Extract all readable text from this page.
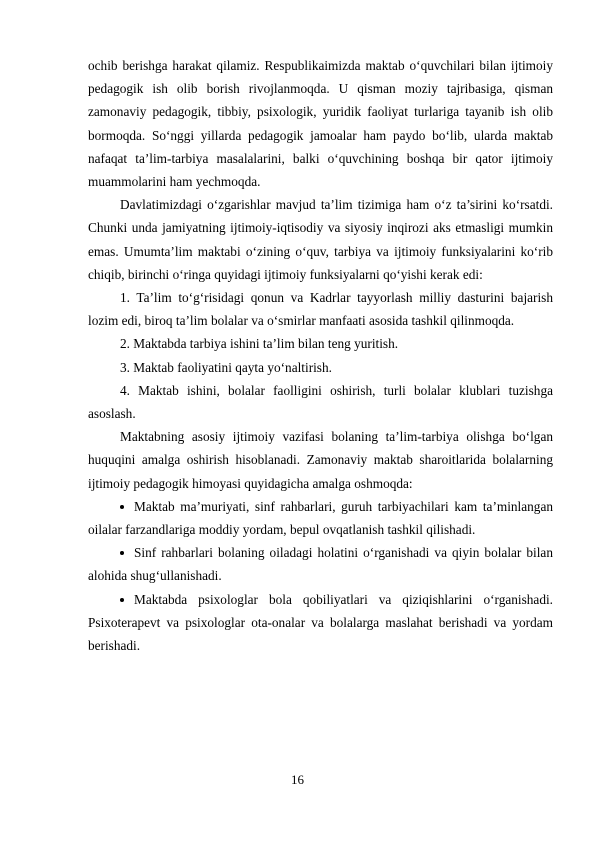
ochib berishga harakat qilamiz. Respublikaimizda maktab o‘quvchilari bilan ijtimoiy pedagogik ish olib borish rivojlanmoqda. U qisman moziy tajribasiga, qisman zamonaviy pedagogik, tibbiy, psixologik, yuridik faoliyat turlariga tayanib ish olib bormoqda. So‘nggi yillarda pedagogik jamoalar ham paydo bo‘lib, ularda maktab nafaqat ta’lim-tarbiya masalalarini, balki o‘quvchining boshqa bir qator ijtimoiy muammolarini ham yechmoqda.

Davlatimizdagi o‘zgarishlar mavjud ta’lim tizimiga ham o‘z ta’sirini ko‘rsatdi. Chunki unda jamiyatning ijtimoiy-iqtisodiy va siyosiy inqirozi aks etmasligi mumkin emas. Umumta’lim maktabi o‘zining o‘quv, tarbiya va ijtimoiy funksiyalarini ko‘rib chiqib, birinchi o‘ringa quyidagi ijtimoiy funksiyalarni qo‘yishi kerak edi:

1. Ta’lim to‘g‘risidagi qonun va Kadrlar tayyorlash milliy dasturini bajarish lozim edi, biroq ta’lim bolalar va o‘smirlar manfaati asosida tashkil qilinmoqda.

2. Maktabda tarbiya ishini ta’lim bilan teng yuritish.

3. Maktab faoliyatini qayta yo‘naltirish.

4. Maktab ishini, bolalar faolligini oshirish, turli bolalar klublari tuzishga asoslash.

Maktabning asosiy ijtimoiy vazifasi bolaning ta’lim-tarbiya olishga bo‘lgan huquqini amalga oshirish hisoblanadi. Zamonaviy maktab sharoitlarida bolalarning ijtimoiy pedagogik himoyasi quyidagicha amalga oshmoqda:

Maktab ma’muriyati, sinf rahbarlari, guruh tarbiyachilari kam ta’minlangan oilalar farzandlariga moddiy yordam, bepul ovqatlanish tashkil qilishadi.

Sinf rahbarlari bolaning oiladagi holatini o‘rganishadi va qiyin bolalar bilan alohida shug‘ullanishadi.

Maktabda psixologlar bola qobiliyatlari va qiziqishlarini o‘rganishadi. Psixoterapevt va psixologlar ota-onalar va bolalarga maslahat berishadi va yordam berishadi.

16
